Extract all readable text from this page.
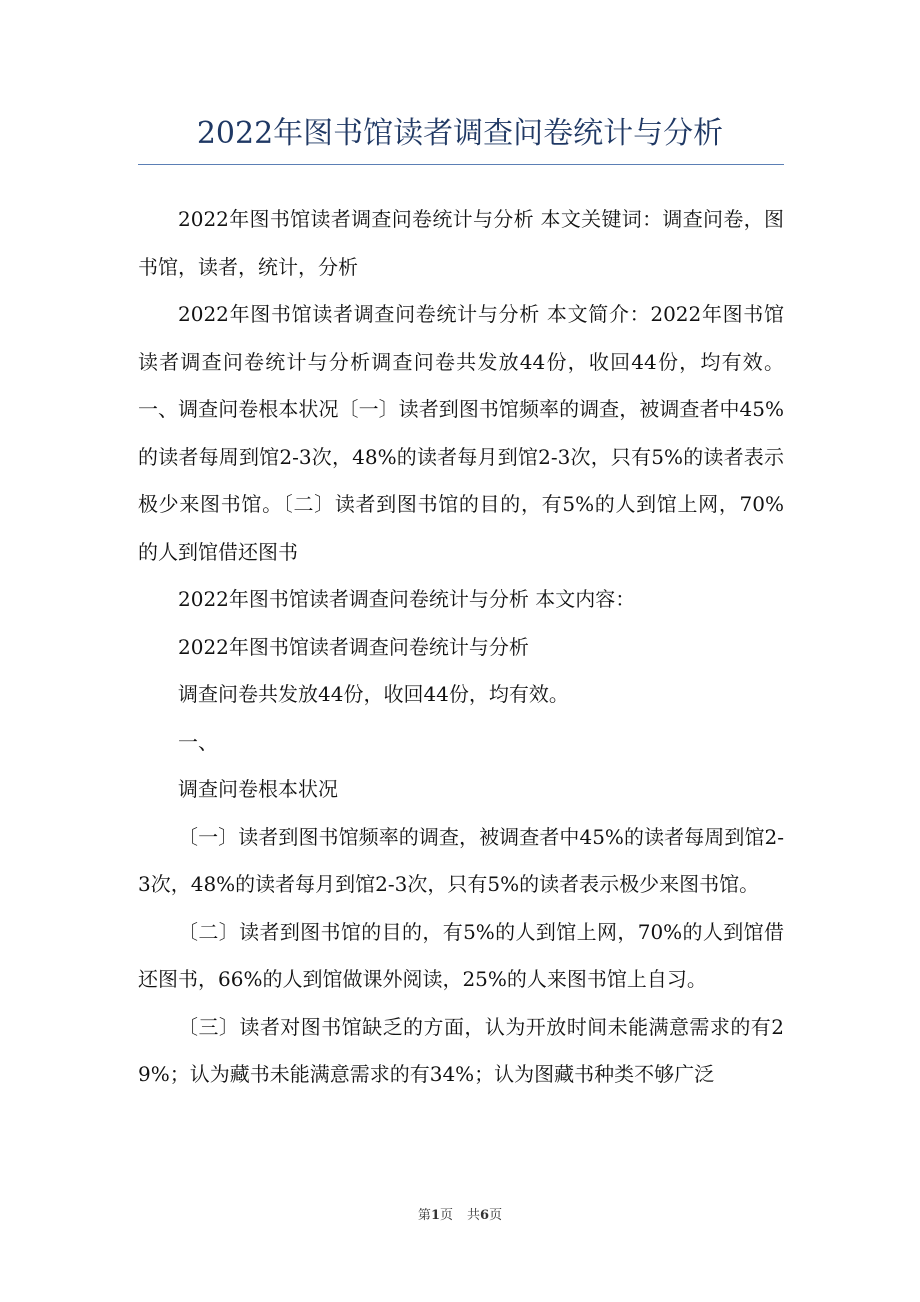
2022年图书馆读者调查问卷统计与分析

2022年图书馆读者调查问卷统计与分析 本文关键词：调查问卷，图书馆，读者，统计，分析

2022年图书馆读者调查问卷统计与分析 本文简介：2022年图书馆读者调查问卷统计与分析调查问卷共发放44份，收回44份，均有效。一、调查问卷根本状况〔一〕读者到图书馆频率的调查，被调查者中45%的读者每周到馆2-3次，48%的读者每月到馆2-3次，只有5%的读者表示极少来图书馆。〔二〕读者到图书馆的目的，有5%的人到馆上网，70%的人到馆借还图书

2022年图书馆读者调查问卷统计与分析 本文内容：

2022年图书馆读者调查问卷统计与分析

调查问卷共发放44份，收回44份，均有效。

一、

调查问卷根本状况

〔一〕读者到图书馆频率的调查，被调查者中45%的读者每周到馆2-3次，48%的读者每月到馆2-3次，只有5%的读者表示极少来图书馆。

〔二〕读者到图书馆的目的，有5%的人到馆上网，70%的人到馆借还图书，66%的人到馆做课外阅读，25%的人来图书馆上自习。

〔三〕读者对图书馆缺乏的方面，认为开放时间未能满意需求的有29%；认为藏书未能满意需求的有34%；认为图藏书种类不够广泛

第1页 共6页
